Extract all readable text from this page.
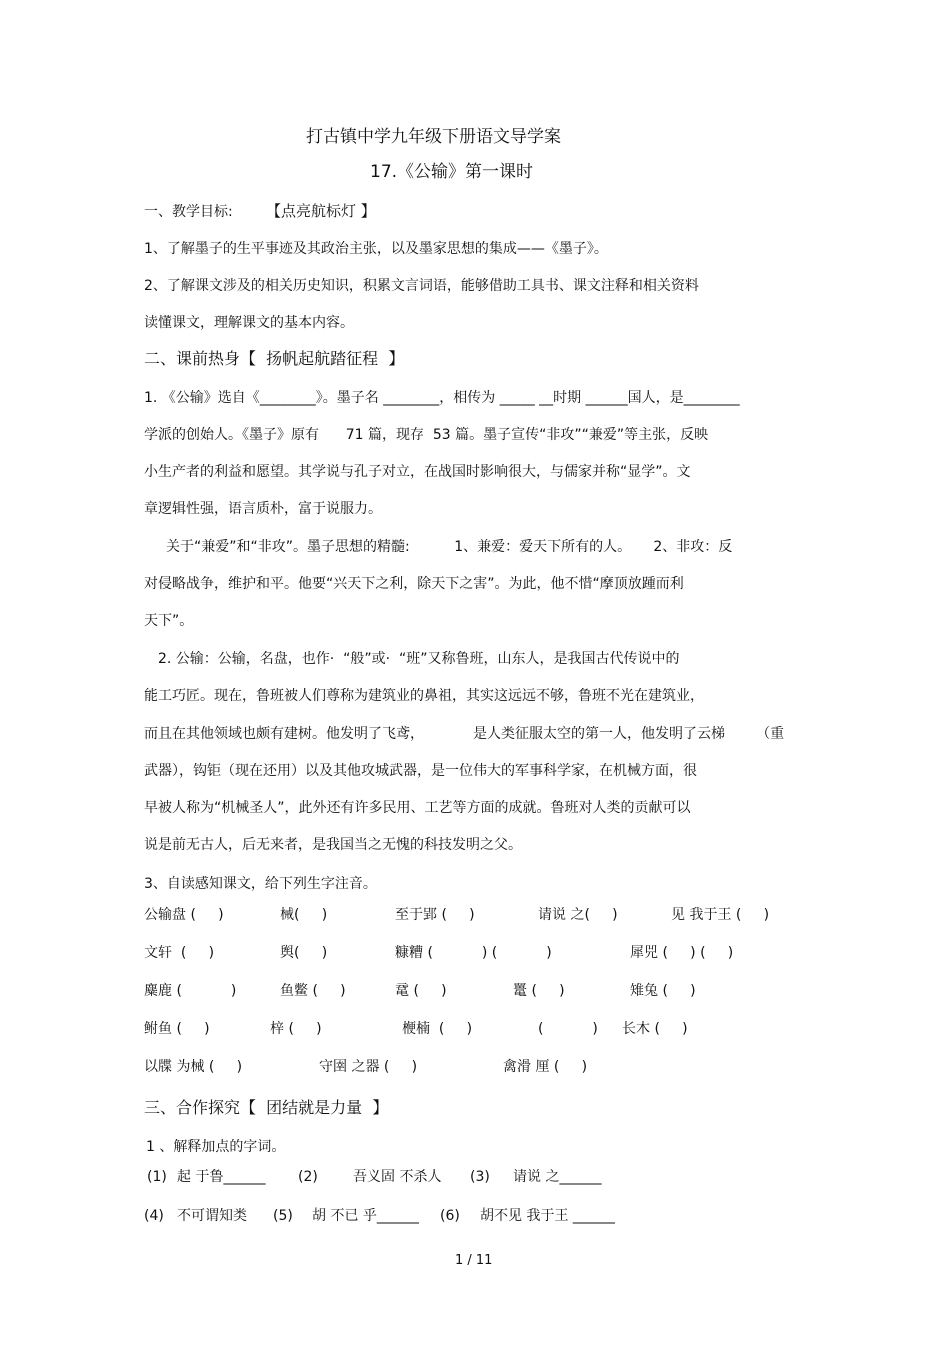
打古镇中学九年级下册语文导学案
17.《公输》第一课时
一、教学目标: 【点亮航标灯 】
1、了解墨子的生平事迹及其政治主张，以及墨家思想的集成——《墨子》。
2、了解课文涉及的相关历史知识，积累文言词语，能够借助工具书、课文注释和相关资料
读懂课文，理解课文的基本内容。
二、课前热身【  扬帆起航踏征程  】
1. 《公输》选自《________》。墨子名 ________，相传为 _____ __时期 ______国人，是________
学派的创始人。《墨子》原有      71 篇，现存  53 篇。墨子宣传“非攻”“兼爱”等主张，反映
小生产者的利益和愿望。其学说与孔子对立，在战国时影响很大，与儒家并称“显学”。文
章逻辑性强，语言质朴，富于说服力。
关于“兼爱”和“非攻”。墨子思想的精髓:          1、兼爱：爱天下所有的人。     2、非攻：反
对侵略战争，维护和平。他要“兴天下之利，除天下之害”。为此，他不惜“摩顶放踵而利
天下”。
2. 公输：公输，名盘，也作·  “般”或·  “班”又称鲁班，山东人，是我国古代传说中的
能工巧匠。现在，鲁班被人们尊称为建筑业的鼻祖，其实这远远不够，鲁班不光在建筑业，
而且在其他领域也颇有建树。他发明了飞鸢，           是人类征服太空的第一人，他发明了云梯       （重
武器），钩钜（现在还用）以及其他攻城武器，是一位伟大的军事科学家，在机械方面，很
早被人称为“机械圣人”，此外还有许多民用、工艺等方面的成就。鲁班对人类的贡献可以
说是前无古人，后无来者，是我国当之无愧的科技发明之父。
3、自读感知课文，给下列生字注音。
公输盘 (     )	械(     )	至于郢 (     )	请说 之(     )	见 我于王 (     )
文轩  (     )	舆(     )	糠糟 (           ) (           )	犀兕 (     ) (     )
麋鹿 (           )	鱼鳖 (     )	鼋 (     )	鼍 (     )	雉兔 (     )
鲋鱼 (     )	梓 (     )	楩楠  (     )	(           ) 长木 (     )
以牒 为械 (     )	守圉 之器 (     )	禽滑 厘 (     )
三、合作探究【  团结就是力量  】
1 、解释加点的字词。
(1) 起 于鲁______ (2)	吾义固 不杀人 (3) 请说 之______
(4) 不可谓知类 (5) 胡 不已 乎______ (6) 胡不见 我于王 ______
1 / 11
